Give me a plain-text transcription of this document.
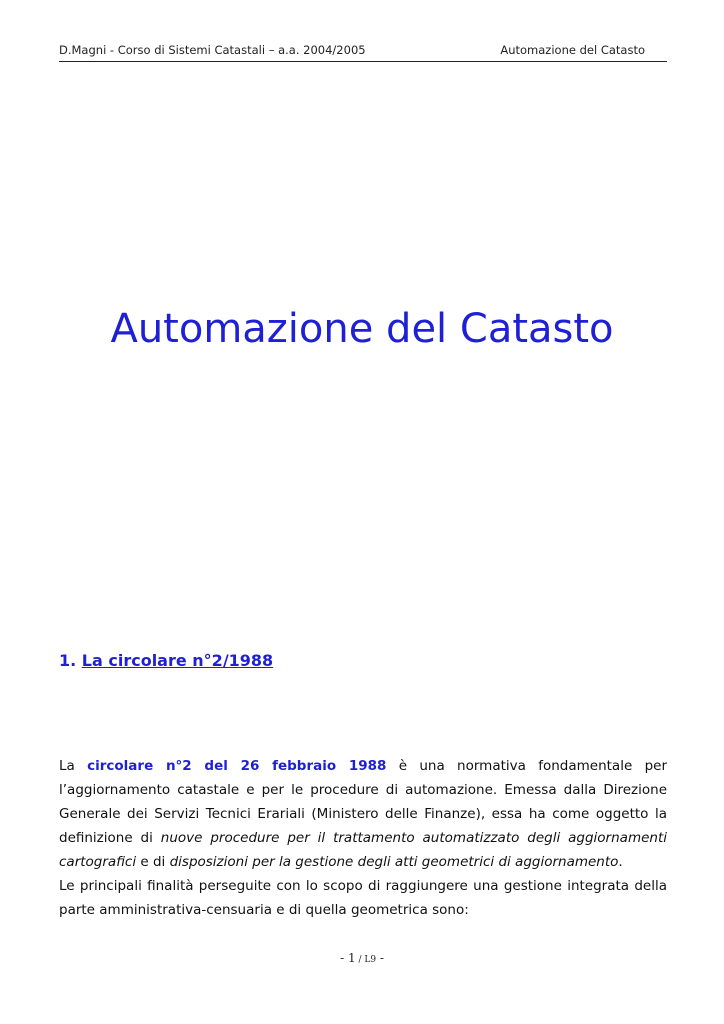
D.Magni - Corso di Sistemi Catastali – a.a. 2004/2005	Automazione del Catasto
Automazione del Catasto
1. La circolare n°2/1988

La circolare n°2 del 26 febbraio 1988 è una normativa fondamentale per l’aggiornamento catastale e per le procedure di automazione. Emessa dalla Direzione Generale dei Servizi Tecnici Erariali (Ministero delle Finanze), essa ha come oggetto la definizione di nuove procedure per il trattamento automatizzato degli aggiornamenti cartografici e di disposizioni per la gestione degli atti geometrici di aggiornamento.

Le principali finalità perseguite con lo scopo di raggiungere una gestione integrata della parte amministrativa-censuaria e di quella geometrica sono:

- 1 / L9 -
